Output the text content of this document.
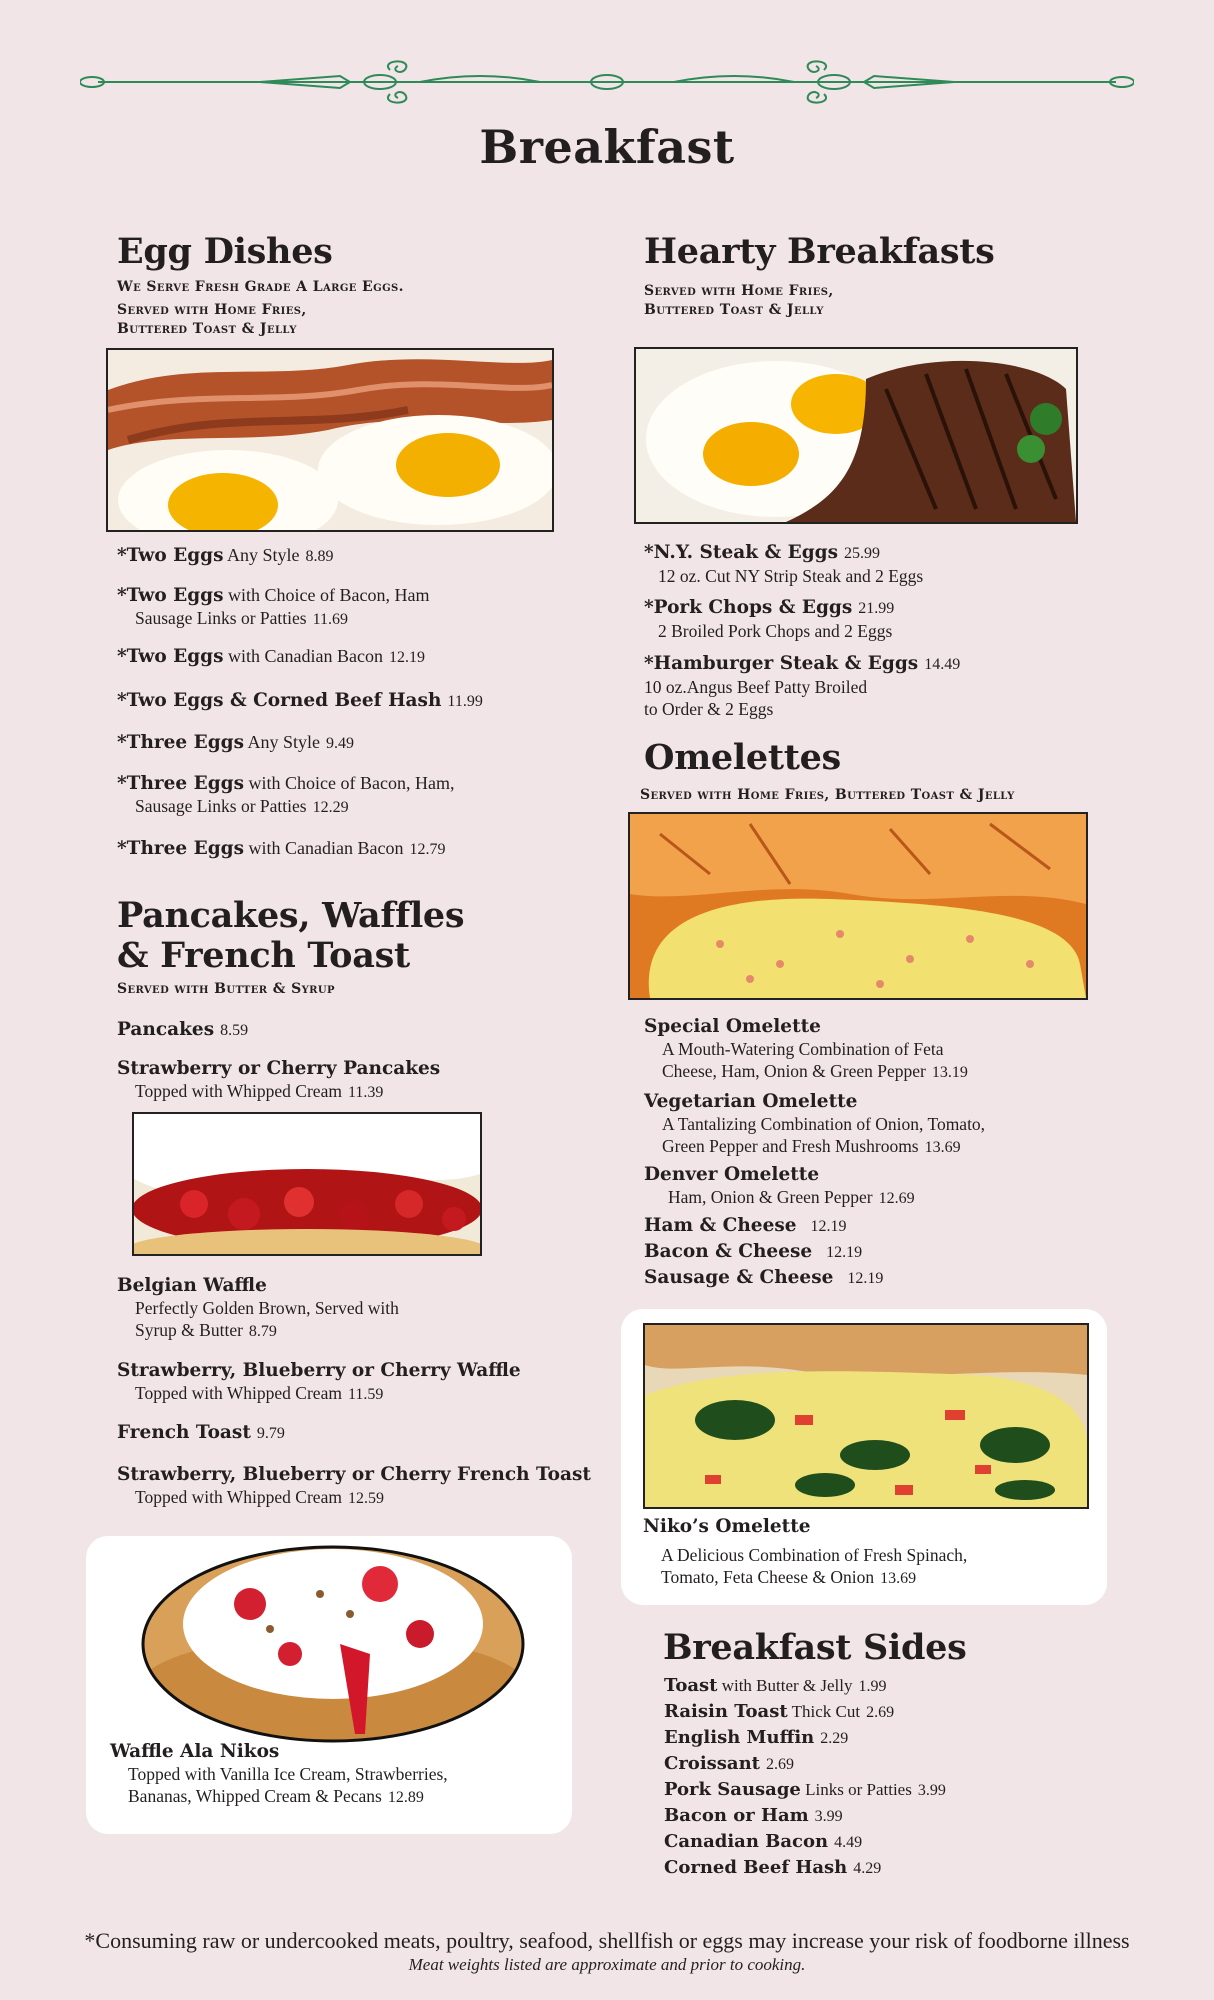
Breakfast
Egg Dishes
We Serve Fresh Grade A Large Eggs.
Served with Home Fries,
Buttered Toast & Jelly
*Two Eggs Any Style 8.89
*Two Eggs with Choice of Bacon, Ham
Sausage Links or Patties 11.69
*Two Eggs with Canadian Bacon 12.19
*Two Eggs & Corned Beef Hash 11.99
*Three Eggs Any Style 9.49
*Three Eggs with Choice of Bacon, Ham,
Sausage Links or Patties 12.29
*Three Eggs with Canadian Bacon 12.79
Pancakes, Waffles
& French Toast
Served with Butter & Syrup
Pancakes 8.59
Strawberry or Cherry Pancakes
Topped with Whipped Cream 11.39
Belgian Waffle
Perfectly Golden Brown, Served with
Syrup & Butter 8.79
Strawberry, Blueberry or Cherry Waffle
Topped with Whipped Cream 11.59
French Toast 9.79
Strawberry, Blueberry or Cherry French Toast
Topped with Whipped Cream 12.59
Waffle Ala Nikos
Topped with Vanilla Ice Cream, Strawberries,
Bananas, Whipped Cream & Pecans 12.89
Hearty Breakfasts
Served with Home Fries,
Buttered Toast & Jelly
*N.Y. Steak & Eggs 25.99
12 oz. Cut NY Strip Steak and 2 Eggs
*Pork Chops & Eggs 21.99
2 Broiled Pork Chops and 2 Eggs
*Hamburger Steak & Eggs 14.49
10 oz.Angus Beef Patty Broiled
to Order & 2 Eggs
Omelettes
Served with Home Fries, Buttered Toast & Jelly
Special Omelette
A Mouth-Watering Combination of Feta
Cheese, Ham, Onion & Green Pepper 13.19
Vegetarian Omelette
A Tantalizing Combination of Onion, Tomato,
Green Pepper and Fresh Mushrooms 13.69
Denver Omelette
Ham, Onion & Green Pepper 12.69
Ham & Cheese 12.19
Bacon & Cheese 12.19
Sausage & Cheese 12.19
Niko’s Omelette
A Delicious Combination of Fresh Spinach,
Tomato, Feta Cheese & Onion 13.69
Breakfast Sides
Toast with Butter & Jelly 1.99
Raisin Toast Thick Cut 2.69
English Muffin 2.29
Croissant 2.69
Pork Sausage Links or Patties 3.99
Bacon or Ham 3.99
Canadian Bacon 4.49
Corned Beef Hash 4.29
*Consuming raw or undercooked meats, poultry, seafood, shellfish or eggs may increase your risk of foodborne illness
Meat weights listed are approximate and prior to cooking.
